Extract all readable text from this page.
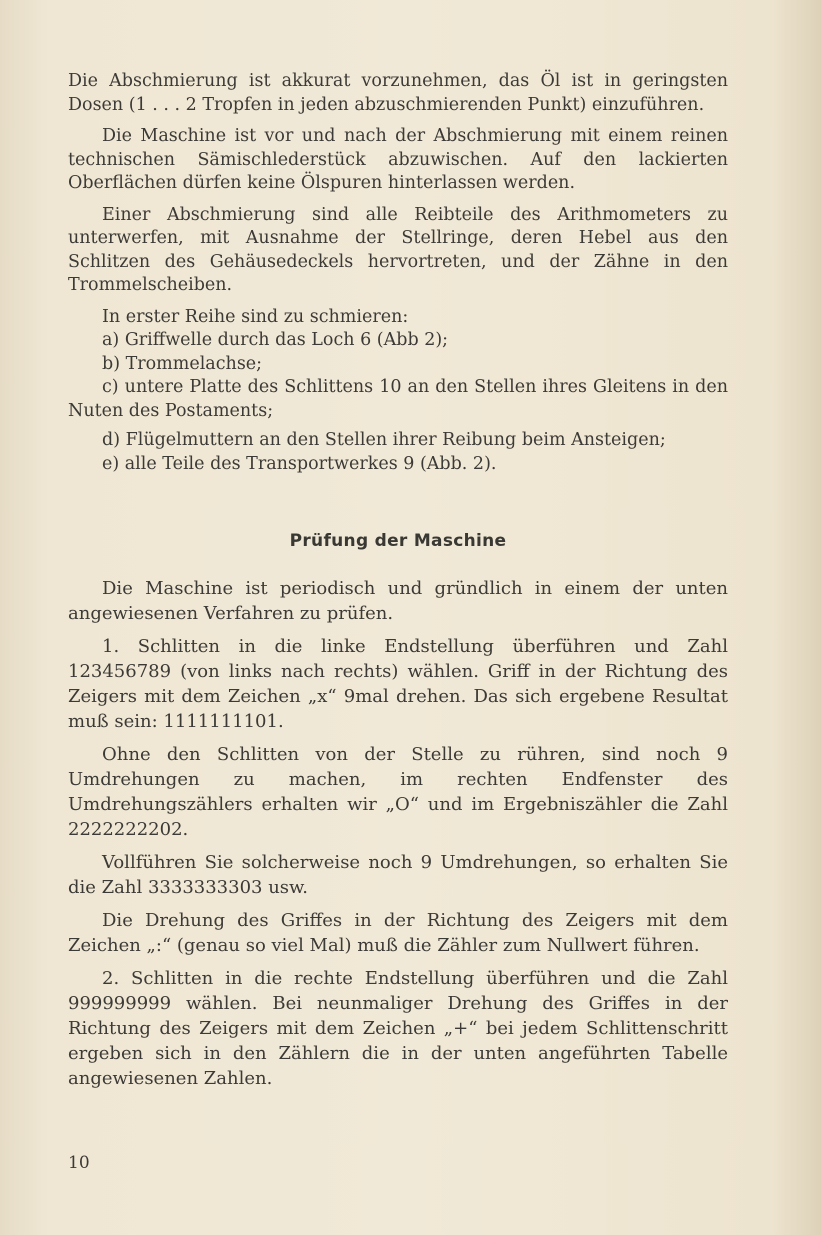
Die Abschmierung ist akkurat vorzunehmen, das Öl ist in geringsten Dosen (1 . . . 2 Tropfen in jeden abzuschmierenden Punkt) einzuführen.

Die Maschine ist vor und nach der Abschmierung mit einem reinen technischen Sämischlederstück abzuwischen. Auf den lackierten Oberflächen dürfen keine Ölspuren hinterlassen werden.

Einer Abschmierung sind alle Reibteile des Arithmometers zu unterwerfen, mit Ausnahme der Stellringe, deren Hebel aus den Schlitzen des Gehäusedeckels hervortreten, und der Zähne in den Trommelscheiben.

In erster Reihe sind zu schmieren:
a) Griffwelle durch das Loch 6 (Abb 2);
b) Trommelachse;
c) untere Platte des Schlittens 10 an den Stellen ihres Gleitens in den Nuten des Postaments;
d) Flügelmuttern an den Stellen ihrer Reibung beim Ansteigen;
e) alle Teile des Transportwerkes 9 (Abb. 2).
Prüfung der Maschine

Die Maschine ist periodisch und gründlich in einem der unten angewiesenen Verfahren zu prüfen.

1. Schlitten in die linke Endstellung überführen und Zahl 123456789 (von links nach rechts) wählen. Griff in der Richtung des Zeigers mit dem Zeichen „x“ 9mal drehen. Das sich ergebene Resultat muß sein: 1111111101.

Ohne den Schlitten von der Stelle zu rühren, sind noch 9 Umdrehungen zu machen, im rechten Endfenster des Umdrehungszählers erhalten wir „O“ und im Ergebniszähler die Zahl 2222222202.

Vollführen Sie solcherweise noch 9 Umdrehungen, so erhalten Sie die Zahl 3333333303 usw.

Die Drehung des Griffes in der Richtung des Zeigers mit dem Zeichen „:“ (genau so viel Mal) muß die Zähler zum Nullwert führen.

2. Schlitten in die rechte Endstellung überführen und die Zahl 999999999 wählen. Bei neunmaliger Drehung des Griffes in der Richtung des Zeigers mit dem Zeichen „+“ bei jedem Schlittenschritt ergeben sich in den Zählern die in der unten angeführten Tabelle angewiesenen Zahlen.

10
